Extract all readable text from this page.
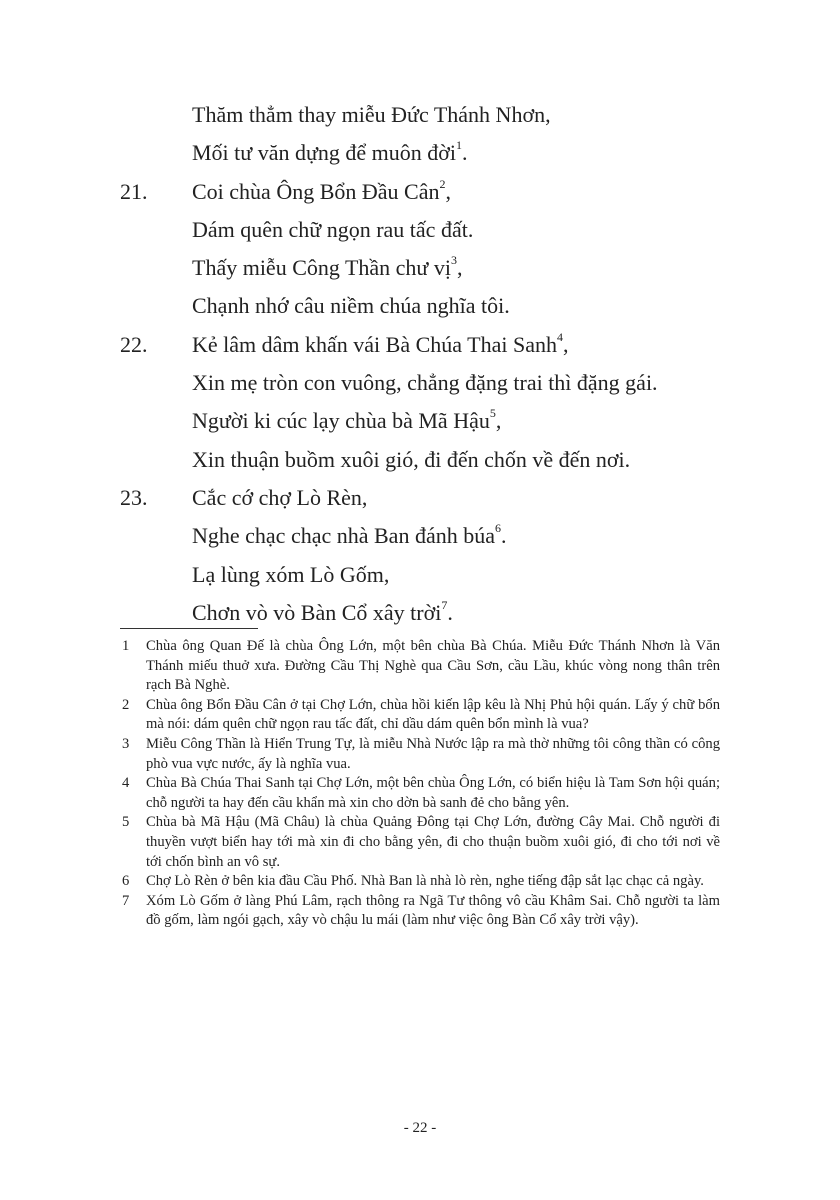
Thăm thẳm thay miễu Đức Thánh Nhơn,
Mối tư văn dựng để muôn đời$^1$.
21. Coi chùa Ông Bổn Đầu Cân$^2$,
Dám quên chữ ngọn rau tấc đất.
Thấy miễu Công Thần chư vị$^3$,
Chạnh nhớ câu niềm chúa nghĩa tôi.
22. Kẻ lâm dâm khấn vái Bà Chúa Thai Sanh$^4$,
Xin mẹ tròn con vuông, chẳng đặng trai thì đặng gái.
Người ki cúc lạy chùa bà Mã Hậu$^5$,
Xin thuận buồm xuôi gió, đi đến chốn về đến nơi.
23. Cắc cớ chợ Lò Rèn,
Nghe chạc chạc nhà Ban đánh búa$^6$.
Lạ lùng xóm Lò Gốm,
Chơn vò vò Bàn Cổ xây trời$^7$.
1 Chùa ông Quan Đế là chùa Ông Lớn, một bên chùa Bà Chúa. Miễu Đức Thánh Nhơn là Văn Thánh miếu thuở xưa. Đường Cầu Thị Nghè qua Cầu Sơn, cầu Lầu, khúc vòng nong thân trên rạch Bà Nghè.
2 Chùa ông Bổn Đầu Cân ở tại Chợ Lớn, chùa hồi kiến lập kêu là Nhị Phủ hội quán. Lấy ý chữ bổn mà nói: dám quên chữ ngọn rau tấc đất, chỉ dầu dám quên bổn mình là vua?
3 Miễu Công Thần là Hiển Trung Tự, là miễu Nhà Nước lập ra mà thờ những tôi công thần có công phò vua vực nước, ấy là nghĩa vua.
4 Chùa Bà Chúa Thai Sanh tại Chợ Lớn, một bên chùa Ông Lớn, có biển hiệu là Tam Sơn hội quán; chỗ người ta hay đến cầu khẩn mà xin cho dờn bà sanh đẻ cho bằng yên.
5 Chùa bà Mã Hậu (Mã Châu) là chùa Quảng Đông tại Chợ Lớn, đường Cây Mai. Chỗ người đi thuyền vượt biển hay tới mà xin đi cho bằng yên, đi cho thuận buồm xuôi gió, đi cho tới nơi về tới chốn bình an vô sự.
6 Chợ Lò Rèn ở bên kia đầu Cầu Phố. Nhà Ban là nhà lò rèn, nghe tiếng đập sắt lạc chạc cả ngày.
7 Xóm Lò Gốm ở làng Phú Lâm, rạch thông ra Ngã Tư thông vô cầu Khâm Sai. Chỗ người ta làm đồ gốm, làm ngói gạch, xây vò chậu lu mái (làm như việc ông Bàn Cổ xây trời vậy).
- 22 -
